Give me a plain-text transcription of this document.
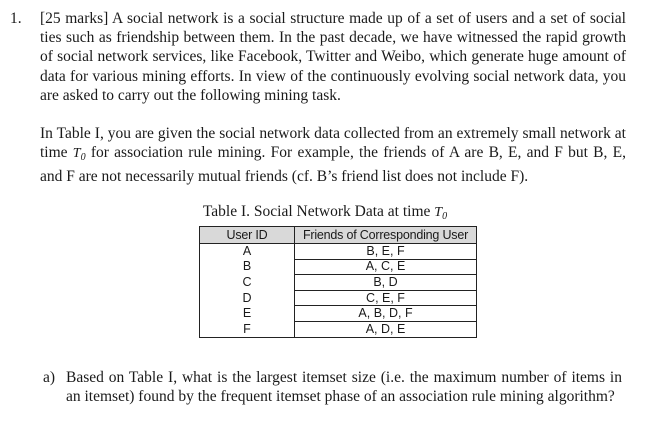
1. [25 marks] A social network is a social structure made up of a set of users and a set of social ties such as friendship between them. In the past decade, we have witnessed the rapid growth of social network services, like Facebook, Twitter and Weibo, which generate huge amount of data for various mining efforts. In view of the continuously evolving social network data, you are asked to carry out the following mining task.

In Table I, you are given the social network data collected from an extremely small network at time $T_0$ for association rule mining. For example, the friends of A are B, E, and F but B, E, and F are not necessarily mutual friends (cf. B’s friend list does not include F).

Table I. Social Network Data at time $T_0$
User ID	Friends of Corresponding User
A	B, E, F
B	A, C, E
C	B, D
D	C, E, F
E	A, B, D, F
F	A, D, E
a) Based on Table I, what is the largest itemset size (i.e. the maximum number of items in an itemset) found by the frequent itemset phase of an association rule mining algorithm?
